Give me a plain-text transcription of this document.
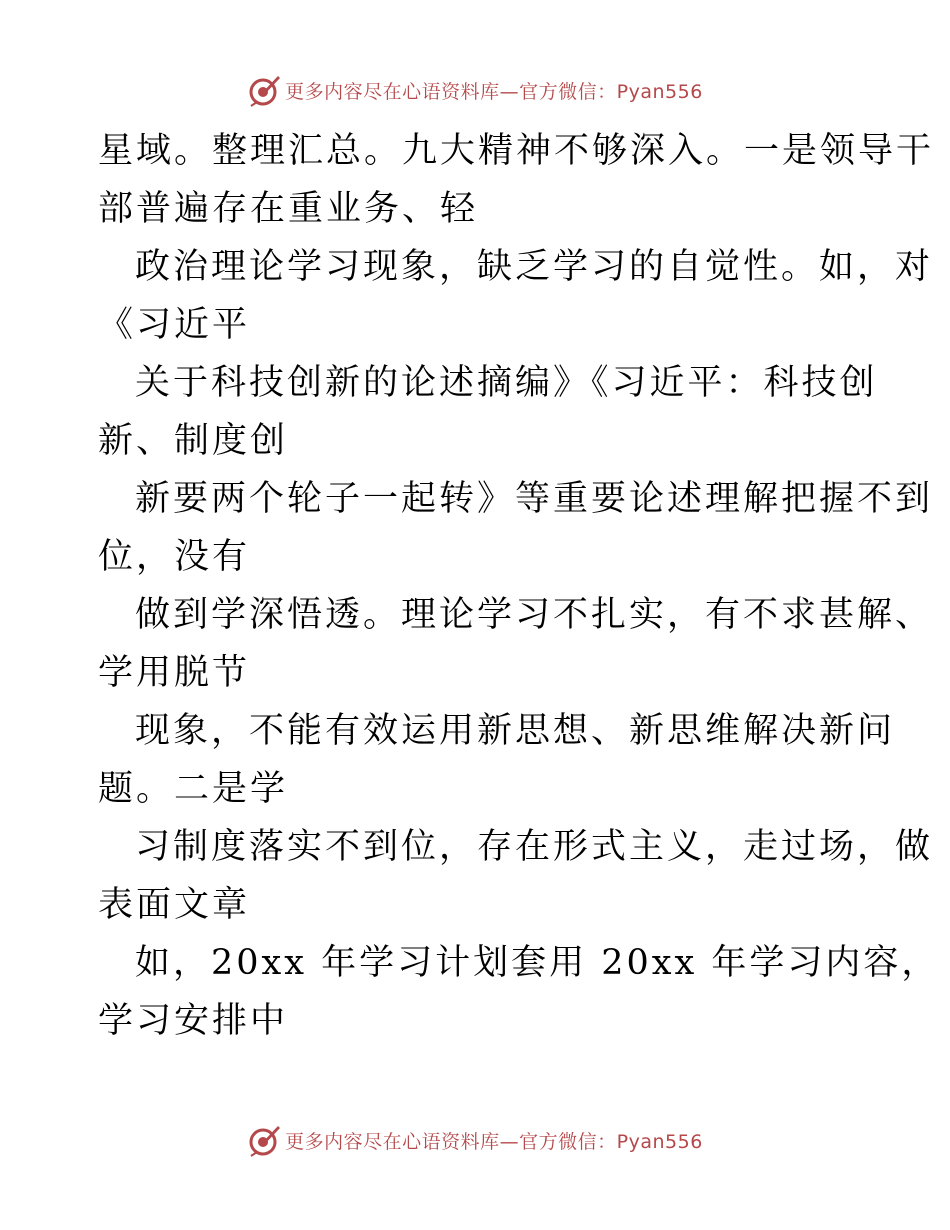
更多内容尽在心语资料库—官方微信：Pyan556
星域。整理汇总。九大精神不够深入。一是领导干
部普遍存在重业务、轻
政治理论学习现象，缺乏学习的自觉性。如，对
《习近平
关于科技创新的论述摘编》《习近平：科技创
新、制度创
新要两个轮子一起转》等重要论述理解把握不到
位，没有
做到学深悟透。理论学习不扎实，有不求甚解、
学用脱节
现象，不能有效运用新思想、新思维解决新问
题。二是学
习制度落实不到位，存在形式主义，走过场，做
表面文章
如，20xx 年学习计划套用 20xx 年学习内容，
学习安排中
更多内容尽在心语资料库—官方微信：Pyan556
